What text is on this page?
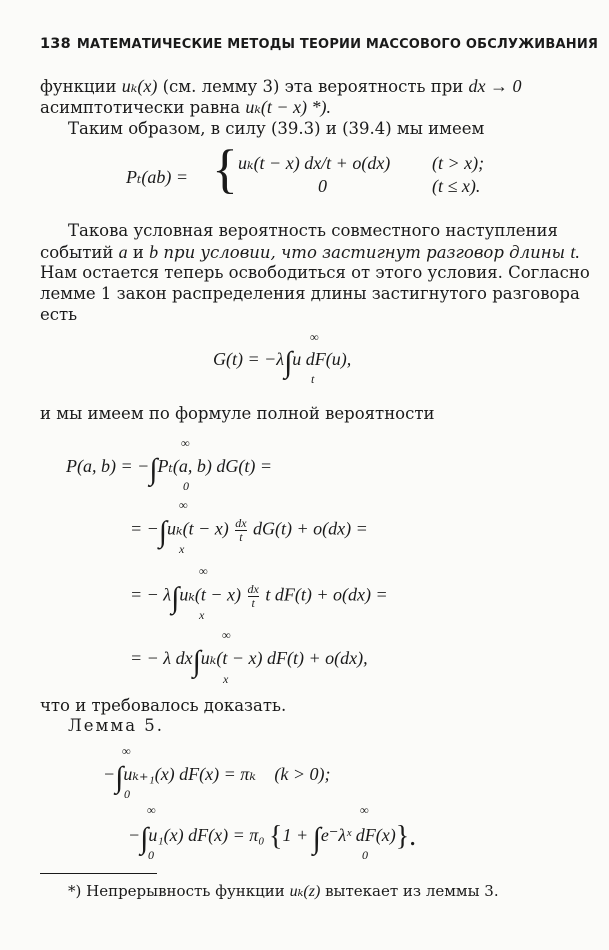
138 МАТЕМАТИЧЕСКИЕ МЕТОДЫ ТЕОРИИ МАССОВОГО ОБСЛУЖИВАНИЯ
функции uₖ(x) (см. лемму 3) эта вероятность при dx → 0
асимптотически равна uₖ(t − x) *).
Таким образом, в силу (39.3) и (39.4) мы имеем
Pₜ(ab) = { uₖ(t − x) dx/t + o(dx) (t > x);
0	(t ≤ x).
Такова условная вероятность совместного наступления
событий a и b при условии, что застигнут разговор длины t.
Нам остается теперь освободиться от этого условия. Согласно
лемме 1 закон распределения длины застигнутого разговора
есть
∞
G(t) = −λ∫u dF(u),
t
и мы имеем по формуле полной вероятности
∞
P(a, b) = −∫Pₜ(a, b) dG(t) =
0
∞
= $-\int u_k(t - x) \frac{dx}{t} dG(t) + o(dx)$ =
x
∞
= − $\lambda\int u_k(t - x) \frac{dx}{t}$ t dF(t) + o(dx) =
x
∞
= − λ dx∫uₖ(t − x) dF(t) + o(dx),
x
что и требовалось доказать.
Лемма 5.
∞
−∫uₖ₊₁(x) dF(x) = πₖ (k > 0);
0
∞	∞
−∫u₁(x) dF(x) = π₀ {1 + ∫e⁻λˣ dF(x)}.
0	0
*) Непрерывность функции uₖ(z) вытекает из леммы 3.
